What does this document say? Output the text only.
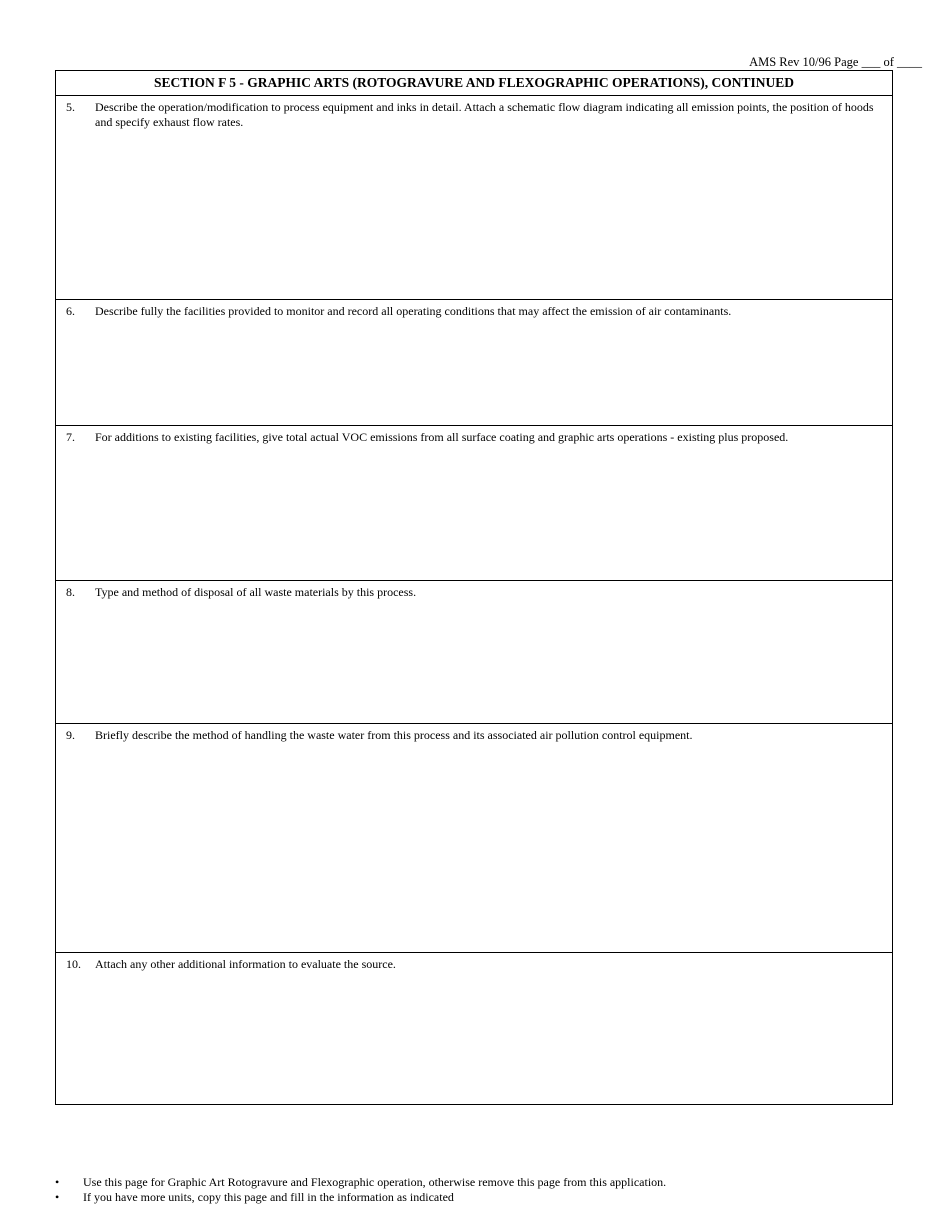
AMS Rev 10/96 Page ___ of ____
SECTION F 5 - GRAPHIC ARTS (ROTOGRAVURE AND FLEXOGRAPHIC OPERATIONS), CONTINUED
5. Describe the operation/modification to process equipment and inks in detail. Attach a schematic flow diagram indicating all emission points, the position of hoods and specify exhaust flow rates.
6. Describe fully the facilities provided to monitor and record all operating conditions that may affect the emission of air contaminants.
7. For additions to existing facilities, give total actual VOC emissions from all surface coating and graphic arts operations - existing plus proposed.
8. Type and method of disposal of all waste materials by this process.
9. Briefly describe the method of handling the waste water from this process and its associated air pollution control equipment.
10. Attach any other additional information to evaluate the source.
• Use this page for Graphic Art Rotogravure and Flexographic operation, otherwise remove this page from this application.
• If you have more units, copy this page and fill in the information as indicated
